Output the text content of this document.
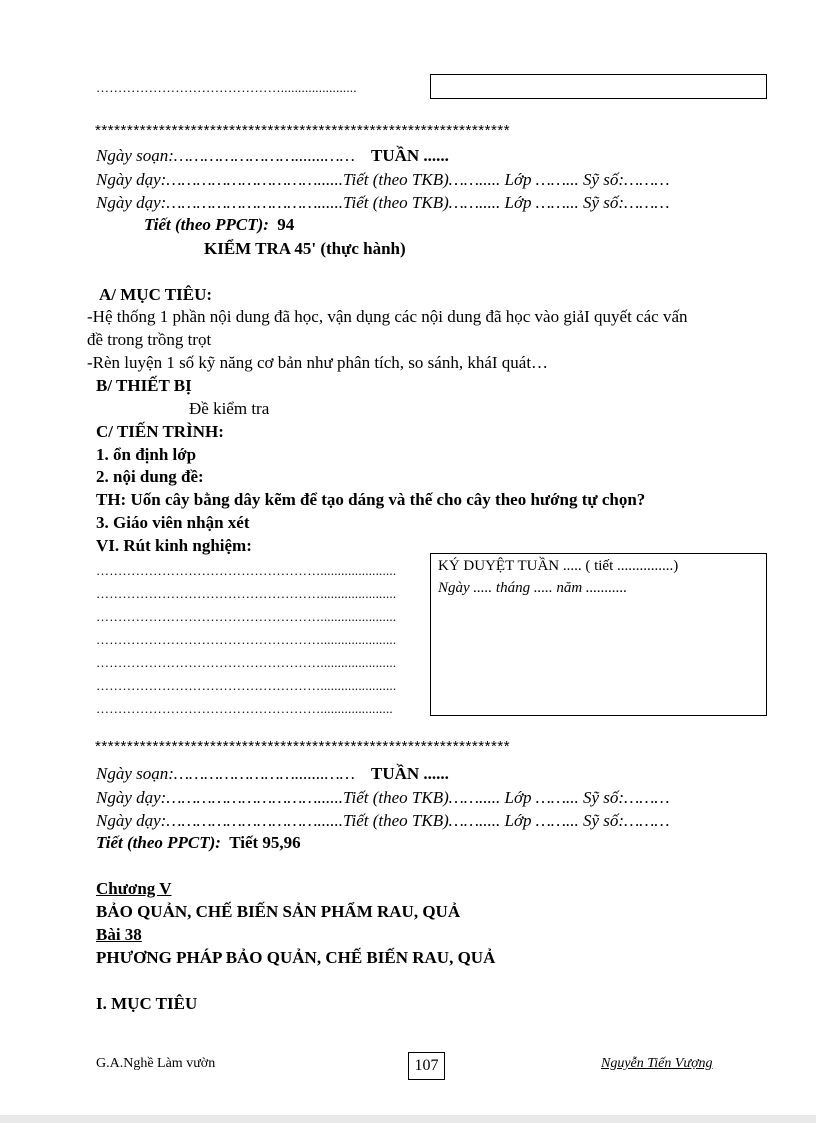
……………………………………......................
*****************************************************************
Ngày soạn:…………………….......…… TUẦN ......
Ngày dạy:…………………………......Tiết (theo TKB)……..... Lớp ……... Sỹ số:………
Ngày dạy:…………………………......Tiết (theo TKB)……..... Lớp ……... Sỹ số:………
Tiết (theo PPCT): 94
KIỂM TRA 45' (thực hành)
A/ MỤC TIÊU:
-Hệ thống 1 phần nội dung đã học, vận dụng các nội dung đã học vào giảI quyết các vấn
đề trong trồng trọt
-Rèn luyện 1 số kỹ năng cơ bản như phân tích, so sánh, kháI quát…
B/ THIẾT BỊ
Đề kiểm tra
C/ TIẾN TRÌNH:
1. ổn định lớp
2. nội dung đề:
TH: Uốn cây bằng dây kẽm để tạo dáng và thế cho cây theo hướng tự chọn?
3. Giáo viên nhận xét
VI. Rút kinh nghiệm:
……………………………………………......................
……………………………………………......................
……………………………………………......................
……………………………………………......................
……………………………………………......................
……………………………………………......................
…………………………………………….....................
KÝ DUYỆT TUẦN ..... ( tiết ...............)
Ngày ..... tháng ..... năm ...........
*****************************************************************
Ngày soạn:…………………….......…… TUẦN ......
Ngày dạy:…………………………......Tiết (theo TKB)……..... Lớp ……... Sỹ số:………
Ngày dạy:…………………………......Tiết (theo TKB)……..... Lớp ……... Sỹ số:………
Tiết (theo PPCT): Tiết 95,96
Chương V
BẢO QUẢN, CHẾ BIẾN SẢN PHẨM RAU, QUẢ
Bài 38
PHƯƠNG PHÁP BẢO QUẢN, CHẾ BIẾN RAU, QUẢ
I. MỤC TIÊU
G.A.Nghề Làm vườn	107	Nguyễn Tiến Vượng
